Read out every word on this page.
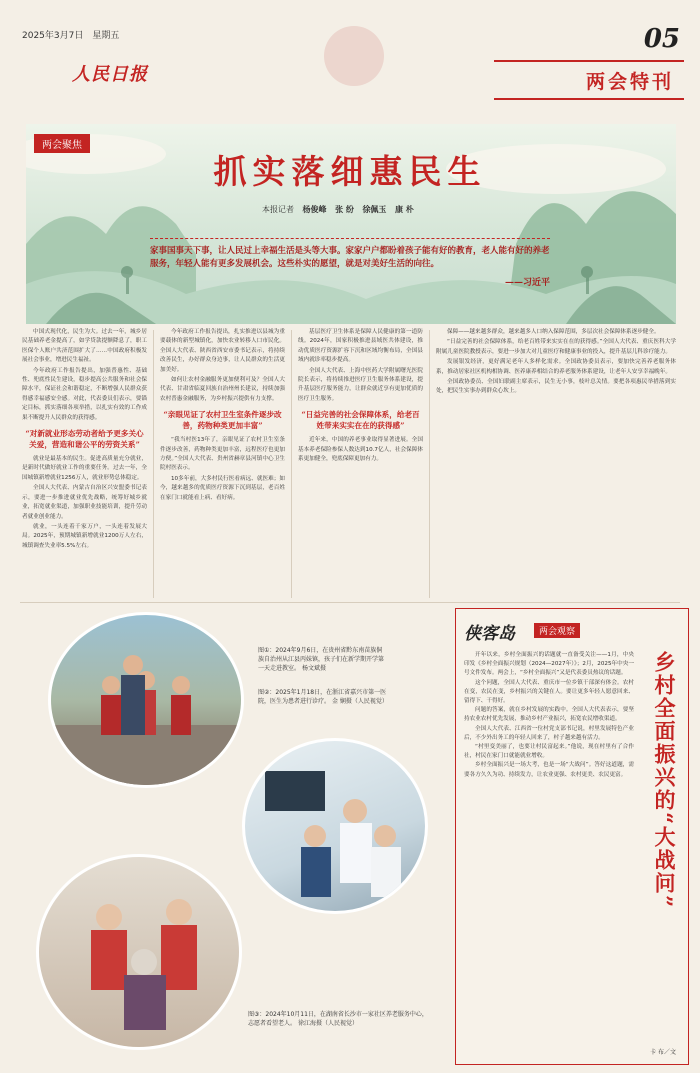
2025年3月7日　星期五
人民日报
05
两会特刊
两会聚焦
抓实落细惠民生
本报记者 杨俊峰 张 纷 徐佩玉 康 朴

家事国事天下事，让人民过上幸福生活是头等大事。家家户户都盼着孩子能有好的教育，老人能有好的养老服务，年轻人能有更多发展机会。这些朴实的愿望，就是对美好生活的向往。

——习近平

中国式现代化，民生为大。过去一年，城乡居民基础养老金提高了，如学贷款提额降息了，职工医保个人账户共济范围扩大了……中国政府积极发展社会事业，增进民生福祉。

今年政府工作报告提出，加强普惠性、基础性、兜底性民生建设，稳步提高公共服务和社会保障水平，保证社会和谐稳定，不断增强人民群众获得感幸福感安全感。对此，代表委员们表示，要锚定目标，抓实落细各项举措，以扎实有效的工作成果不断提升人民群众的获得感。

“对新就业形态劳动者给予更多关心关爱，营造和谐公平的劳资关系”

就业是最基本的民生。促进高质量充分就业，是新时代做好就业工作的重要任务。过去一年，全国城镇新增就业1256万人，就业形势总体稳定。

全国人大代表、内蒙古自治区兴安盟委书记表示，要进一步推进就业优先战略，统筹好城乡就业，拓宽就业渠道，加强职业技能培训，提升劳动者就业创业能力。

就业，一头连着千家万户，一头连着发展大局。2025年，预期城镇新增就业1200万人左右，城镇调查失业率5.5%左右。

今年政府工作报告提出，扎实推进以县城为重要载体的新型城镇化，加快农业转移人口市民化。全国人大代表、陕西省西安市委书记表示，将持续改善民生，办好群众身边事，让人民群众的生活更加美好。

如何让农村金融服务更加便利可及？全国人大代表、甘肃省临夏回族自治州州长建议，持续加强农村普惠金融服务，为乡村振兴提供有力支撑。

“亲眼见证了农村卫生室条件逐步改善，药物种类更加丰富”

“我当村医13年了，亲眼见证了农村卫生室条件逐步改善，药物种类更加丰富，远程医疗也更加方便。”全国人大代表、贵州省赫章县河镇中心卫生院村医表示。

10多年前，大多村民行医看病远、就医难；如今，越来越多的优质医疗资源下沉到基层，老百姓在家门口就能看上病、看好病。

基层医疗卫生体系是保障人民健康的第一道防线。2024年，国家积极推进县域医共体建设，推动优质医疗资源扩容下沉和区域均衡布局，全国县域内就诊率稳步提高。

全国人大代表、上海中医药大学附属曙光医院院长表示，将持续推进医疗卫生服务体系建设，提升基层医疗服务能力，让群众就近享有更加优质的医疗卫生服务。

“日益完善的社会保障体系，给老百姓带来实实在在的获得感”

近年来，中国的养老事业取得显著进展。全国基本养老保险参保人数达到10.7亿人，社会保障体系更加健全，兜底保障更加有力。

保障——越来越多群众，越来越多人口纳入保障范围，多层次社会保障体系逐步健全。

“日益完善的社会保障体系，给老百姓带来实实在在的获得感。”全国人大代表、重庆医科大学附属儿童医院教授表示，要进一步加大对儿童医疗和健康事业的投入，提升基层儿科诊疗能力。

发展银发经济，更好满足老年人多样化需求。全国政协委员表示，要加快完善养老服务体系，推动居家社区机构相协调、医养康养相结合的养老服务体系建设，让老年人安享幸福晚年。

全国政协委员、全国妇联副主席表示，民生无小事，枝叶总关情。要把各项惠民举措落到实处，把民生实事办到群众心坎上。

图①：2024年9月6日，在贵州省黔东南苗族侗族自治州从江县丙妹镇，孩子们在新学期开学第一天走进教室。 杨文斌摄
图②：2025年1月18日，在浙江省嘉兴市第一医院，医生为患者进行诊疗。 金 娴摄（人民视觉）
图③：2024年10月11日，在湖南省长沙市一家社区养老服务中心，志愿者看望老人。 徐江海摄（人民视觉）
侠客岛	两会观察
乡村全面振兴的“大战问”

开年以来，乡村全面振兴的话题就一直备受关注——1月，中央印发《乡村全面振兴规划（2024—2027年）》；2月，2025年中央一号文件发布。两会上，“乡村全面振兴”又是代表委员热议的话题。

这个问题，全国人大代表、重庆市一位乡镇干部深有体会。农村在变，农民在变，乡村振兴的关键在人。要让更多年轻人愿意回来、留得下、干得好。

问题的答案，就在乡村发展的实践中。全国人大代表表示，要坚持农业农村优先发展，推动乡村产业振兴，拓宽农民增收渠道。

全国人大代表、江西省一位村党支部书记说，村里发展特色产业后，不少外出务工的年轻人回来了，村子越来越有活力。

“村里变美丽了，也要让村民富起来。”他说，现在村里有了合作社，村民在家门口就能就业增收。

乡村全面振兴是一场大考，也是一场“大战问”。答好这道题，需要各方久久为功、持续发力，让农业更强、农村更美、农民更富。

卡 布／文
